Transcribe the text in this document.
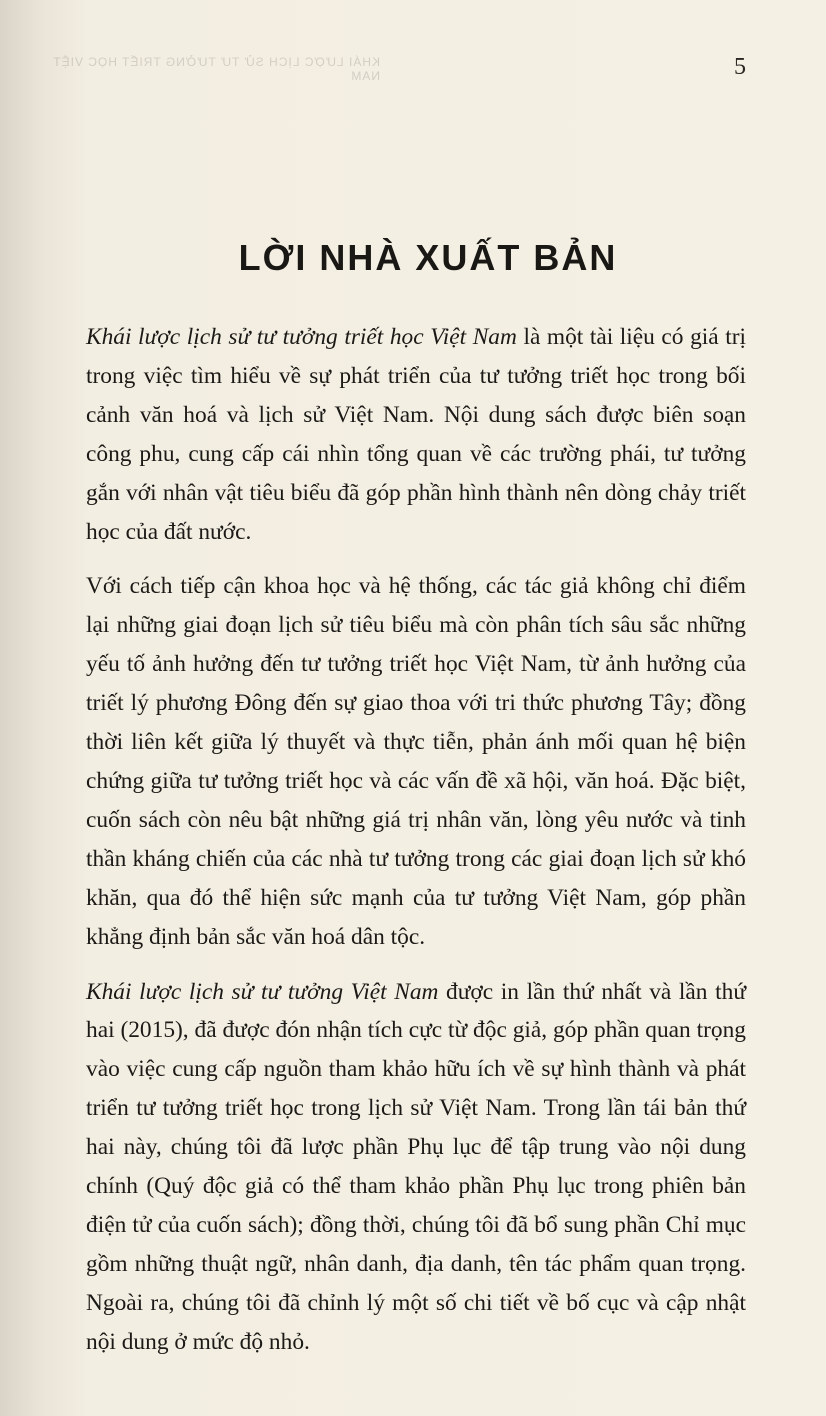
KHÁI LƯỢC LỊCH SỬ TƯ TƯỞNG TRIẾT HỌC VIỆT NAM	5
LỜI NHÀ XUẤT BẢN

Khái lược lịch sử tư tưởng triết học Việt Nam là một tài liệu có giá trị trong việc tìm hiểu về sự phát triển của tư tưởng triết học trong bối cảnh văn hoá và lịch sử Việt Nam. Nội dung sách được biên soạn công phu, cung cấp cái nhìn tổng quan về các trường phái, tư tưởng gắn với nhân vật tiêu biểu đã góp phần hình thành nên dòng chảy triết học của đất nước.

Với cách tiếp cận khoa học và hệ thống, các tác giả không chỉ điểm lại những giai đoạn lịch sử tiêu biểu mà còn phân tích sâu sắc những yếu tố ảnh hưởng đến tư tưởng triết học Việt Nam, từ ảnh hưởng của triết lý phương Đông đến sự giao thoa với tri thức phương Tây; đồng thời liên kết giữa lý thuyết và thực tiễn, phản ánh mối quan hệ biện chứng giữa tư tưởng triết học và các vấn đề xã hội, văn hoá. Đặc biệt, cuốn sách còn nêu bật những giá trị nhân văn, lòng yêu nước và tinh thần kháng chiến của các nhà tư tưởng trong các giai đoạn lịch sử khó khăn, qua đó thể hiện sức mạnh của tư tưởng Việt Nam, góp phần khẳng định bản sắc văn hoá dân tộc.

Khái lược lịch sử tư tưởng Việt Nam được in lần thứ nhất và lần thứ hai (2015), đã được đón nhận tích cực từ độc giả, góp phần quan trọng vào việc cung cấp nguồn tham khảo hữu ích về sự hình thành và phát triển tư tưởng triết học trong lịch sử Việt Nam. Trong lần tái bản thứ hai này, chúng tôi đã lược phần Phụ lục để tập trung vào nội dung chính (Quý độc giả có thể tham khảo phần Phụ lục trong phiên bản điện tử của cuốn sách); đồng thời, chúng tôi đã bổ sung phần Chỉ mục gồm những thuật ngữ, nhân danh, địa danh, tên tác phẩm quan trọng. Ngoài ra, chúng tôi đã chỉnh lý một số chi tiết về bố cục và cập nhật nội dung ở mức độ nhỏ.
